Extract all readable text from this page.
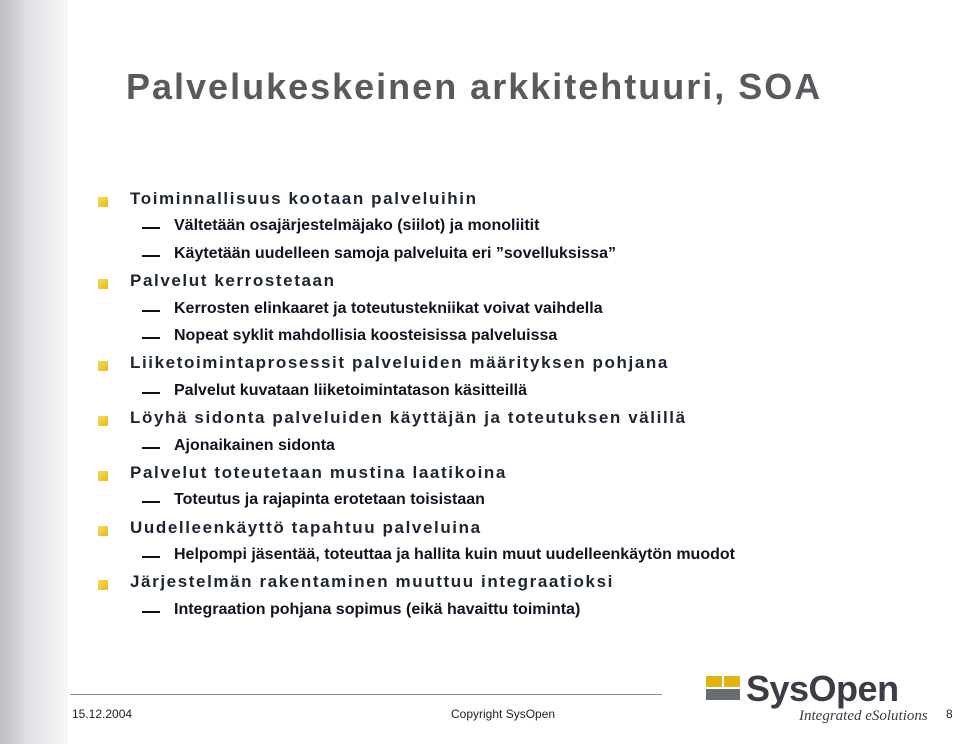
Palvelukeskeinen arkkitehtuuri, SOA
Toiminnallisuus kootaan palveluihin
Vältetään osajärjestelmäjako (siilot) ja monoliitit
Käytetään uudelleen samoja palveluita eri ”sovelluksissa”
Palvelut kerrostetaan
Kerrosten elinkaaret ja toteutustekniikat voivat vaihdella
Nopeat syklit mahdollisia koosteisissa palveluissa
Liiketoimintaprosessit palveluiden määrityksen pohjana
Palvelut kuvataan liiketoimintatason käsitteillä
Löyhä sidonta palveluiden käyttäjän ja toteutuksen välillä
Ajonaikainen sidonta
Palvelut toteutetaan mustina laatikoina
Toteutus ja rajapinta erotetaan toisistaan
Uudelleenkäyttö tapahtuu palveluina
Helpompi jäsentää, toteuttaa ja hallita kuin muut uudelleenkäytön muodot
Järjestelmän rakentaminen muuttuu integraatioksi
Integraation pohjana sopimus (eikä havaittu toiminta)
15.12.2004	Copyright SysOpen	8
SysOpen
Integrated eSolutions
